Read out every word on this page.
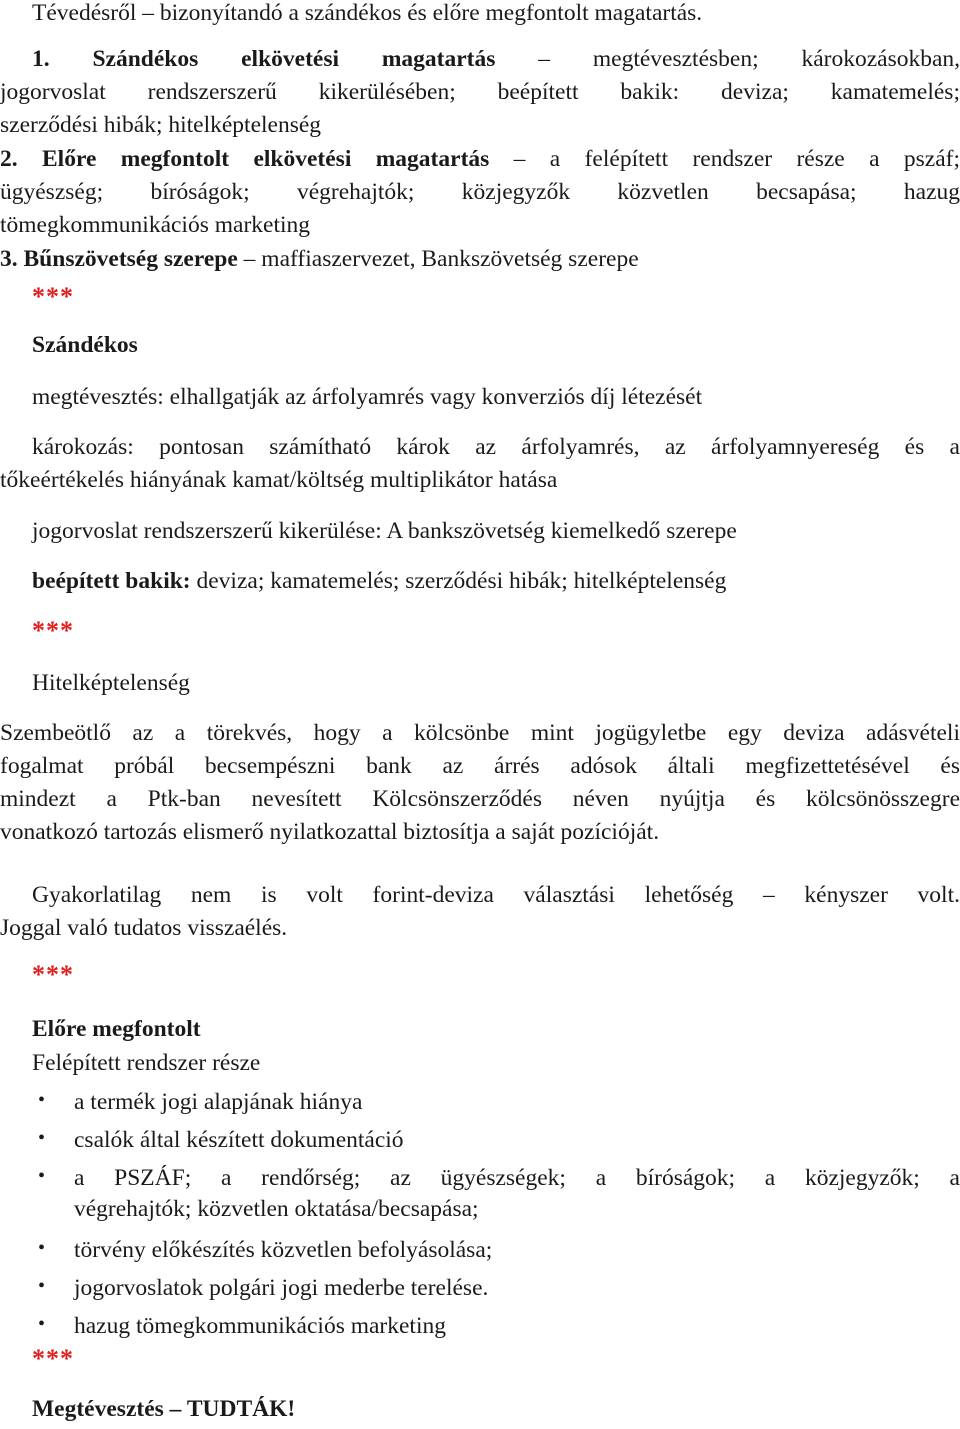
Tévedésről – bizonyítandó a szándékos és előre megfontolt magatartás.
1. Szándékos elkövetési magatartás – megtévesztésben; károkozásokban,
jogorvoslat rendszerszerű kikerülésében; beépített bakik: deviza; kamatemelés;
szerződési hibák; hitelképtelenség
2. Előre megfontolt elkövetési magatartás – a felépített rendszer része a pszáf;
ügyészség; bíróságok; végrehajtók; közjegyzők közvetlen becsapása; hazug
tömegkommunikációs marketing
3. Bűnszövetség szerepe – maffiaszervezet, Bankszövetség szerepe
***
Szándékos
megtévesztés: elhallgatják az árfolyamrés vagy konverziós díj létezését
károkozás: pontosan számítható károk az árfolyamrés, az árfolyamnyereség és a
tőkeértékelés hiányának kamat/költség multiplikátor hatása
jogorvoslat rendszerszerű kikerülése: A bankszövetség kiemelkedő szerepe
beépített bakik: deviza; kamatemelés; szerződési hibák; hitelképtelenség
***
Hitelképtelenség
Szembeötlő az a törekvés, hogy a kölcsönbe mint jogügyletbe egy deviza adásvételi
fogalmat próbál becsempészni bank az árrés adósok általi megfizettetésével és
mindezt a Ptk-ban nevesített Kölcsönszerződés néven nyújtja és kölcsönösszegre
vonatkozó tartozás elismerő nyilatkozattal biztosítja a saját pozícióját.
Gyakorlatilag nem is volt forint-deviza választási lehetőség – kényszer volt.
Joggal való tudatos visszaélés.
***
Előre megfontolt
Felépített rendszer része
• a termék jogi alapjának hiánya
• csalók által készített dokumentáció
• a PSZÁF; a rendőrség; az ügyészségek; a bíróságok; a közjegyzők; a
végrehajtók; közvetlen oktatása/becsapása;
• törvény előkészítés közvetlen befolyásolása;
• jogorvoslatok polgári jogi mederbe terelése.
• hazug tömegkommunikációs marketing
***
Megtévesztés – TUDTÁK!
